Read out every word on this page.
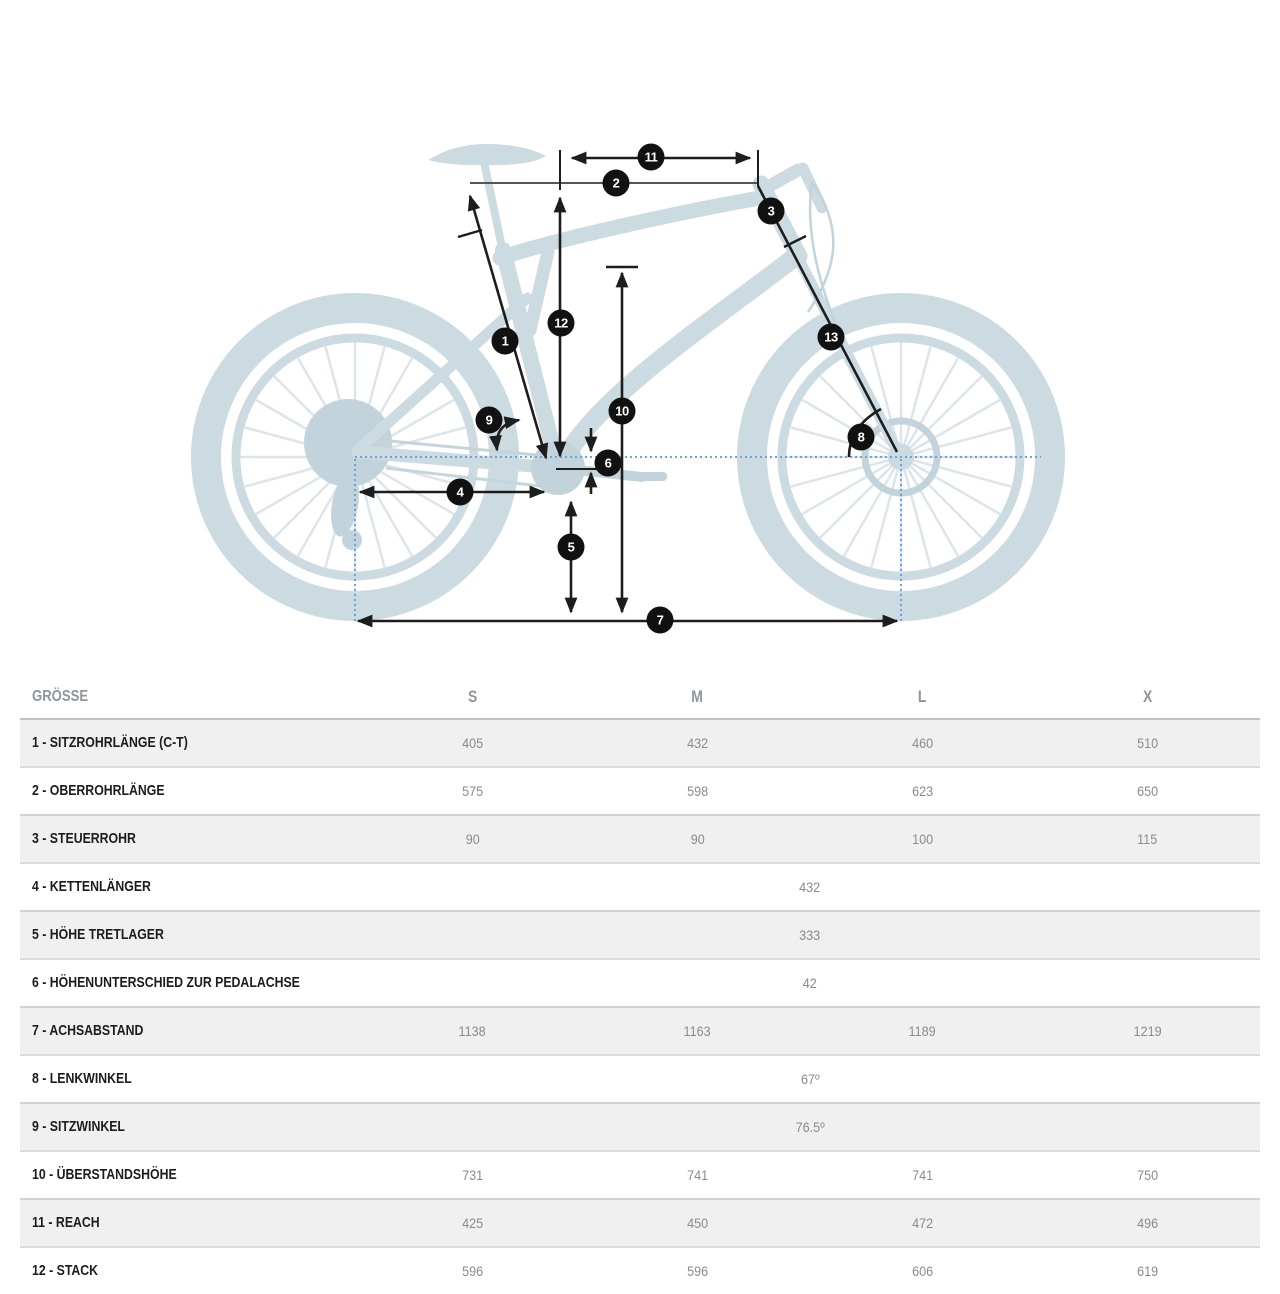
1
2
3
4
5
6
7
8
9
10
11
12
13
GRÖSSE	S	M	L	X
1 - SITZROHRLÄNGE (C-T)	405	432	460	510
2 - OBERROHRLÄNGE	575	598	623	650
3 - STEUERROHR	90	90	100	115
4 - KETTENLÄNGER	432
5 - HÖHE TRETLAGER	333
6 - HÖHENUNTERSCHIED ZUR PEDALACHSE	42
7 - ACHSABSTAND	1138	1163	1189	1219
8 - LENKWINKEL	67º
9 - SITZWINKEL	76.5º
10 - ÜBERSTANDSHÖHE	731	741	741	750
11 - REACH	425	450	472	496
12 - STACK	596	596	606	619
